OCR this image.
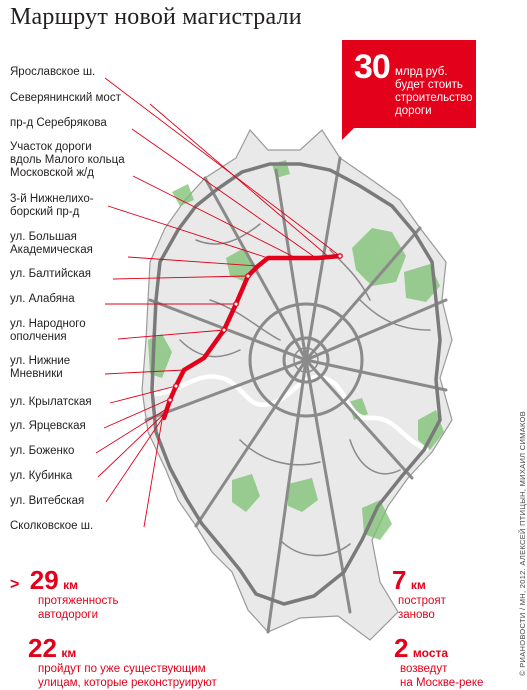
Маршрут новой магистрали
30 млрд руб.
будет стоить
строительство
дороги
Ярославское ш.
Северянинский мост
пр-д Серебрякова
Участок дороги
вдоль Малого кольца
Московской ж/д
3-й Нижнелихо-
борский пр-д
ул. Большая
Академическая
ул. Балтийская
ул. Алабяна
ул. Народного
ополчения
ул. Нижние
Мневники
ул. Крылатская
ул. Ярцевская
ул. Боженко
ул. Кубинка
ул. Витебская
Сколковское ш.
> 29 км
протяженность
автодороги
7 км
построят
заново
22 км
пройдут по уже существующим
улицам, которые реконструируют
2 моста
возведут
на Москве-реке
© РИАНОВОСТИ / МН, 2012. АЛЕКСЕЙ ПТИЦЫН, МИХАИЛ СИМАКОВ
